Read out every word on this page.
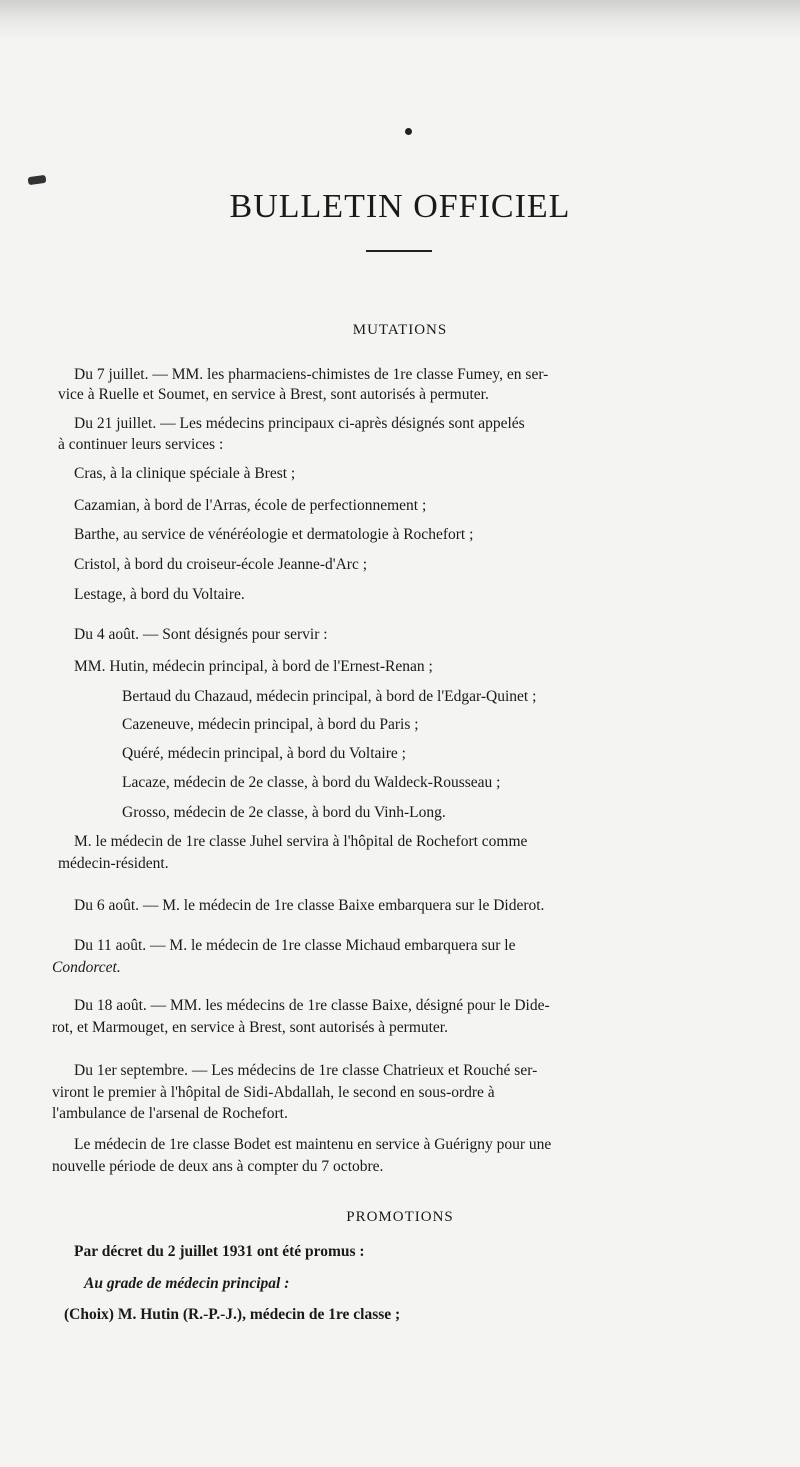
BULLETIN OFFICIEL
MUTATIONS
Du 7 juillet. — MM. les pharmaciens-chimistes de 1re classe Fumey, en ser-
vice à Ruelle et Soumet, en service à Brest, sont autorisés à permuter.
Du 21 juillet. — Les médecins principaux ci-après désignés sont appelés
à continuer leurs services :
Cras, à la clinique spéciale à Brest ;
Cazamian, à bord de l'Arras, école de perfectionnement ;
Barthe, au service de vénéréologie et dermatologie à Rochefort ;
Cristol, à bord du croiseur-école Jeanne-d'Arc ;
Lestage, à bord du Voltaire.
Du 4 août. — Sont désignés pour servir :
MM. Hutin, médecin principal, à bord de l'Ernest-Renan ;
Bertaud du Chazaud, médecin principal, à bord de l'Edgar-Quinet ;
Cazeneuve, médecin principal, à bord du Paris ;
Quéré, médecin principal, à bord du Voltaire ;
Lacaze, médecin de 2e classe, à bord du Waldeck-Rousseau ;
Grosso, médecin de 2e classe, à bord du Vinh-Long.
M. le médecin de 1re classe Juhel servira à l'hôpital de Rochefort comme
médecin-résident.
Du 6 août. — M. le médecin de 1re classe Baixe embarquera sur le Diderot.
Du 11 août. — M. le médecin de 1re classe Michaud embarquera sur le
Condorcet.
Du 18 août. — MM. les médecins de 1re classe Baixe, désigné pour le Dide-
rot, et Marmouget, en service à Brest, sont autorisés à permuter.
Du 1er septembre. — Les médecins de 1re classe Chatrieux et Rouché ser-
viront le premier à l'hôpital de Sidi-Abdallah, le second en sous-ordre à
l'ambulance de l'arsenal de Rochefort.
Le médecin de 1re classe Bodet est maintenu en service à Guérigny pour une
nouvelle période de deux ans à compter du 7 octobre.
PROMOTIONS
Par décret du 2 juillet 1931 ont été promus :
Au grade de médecin principal :
(Choix) M. Hutin (R.-P.-J.), médecin de 1re classe ;
